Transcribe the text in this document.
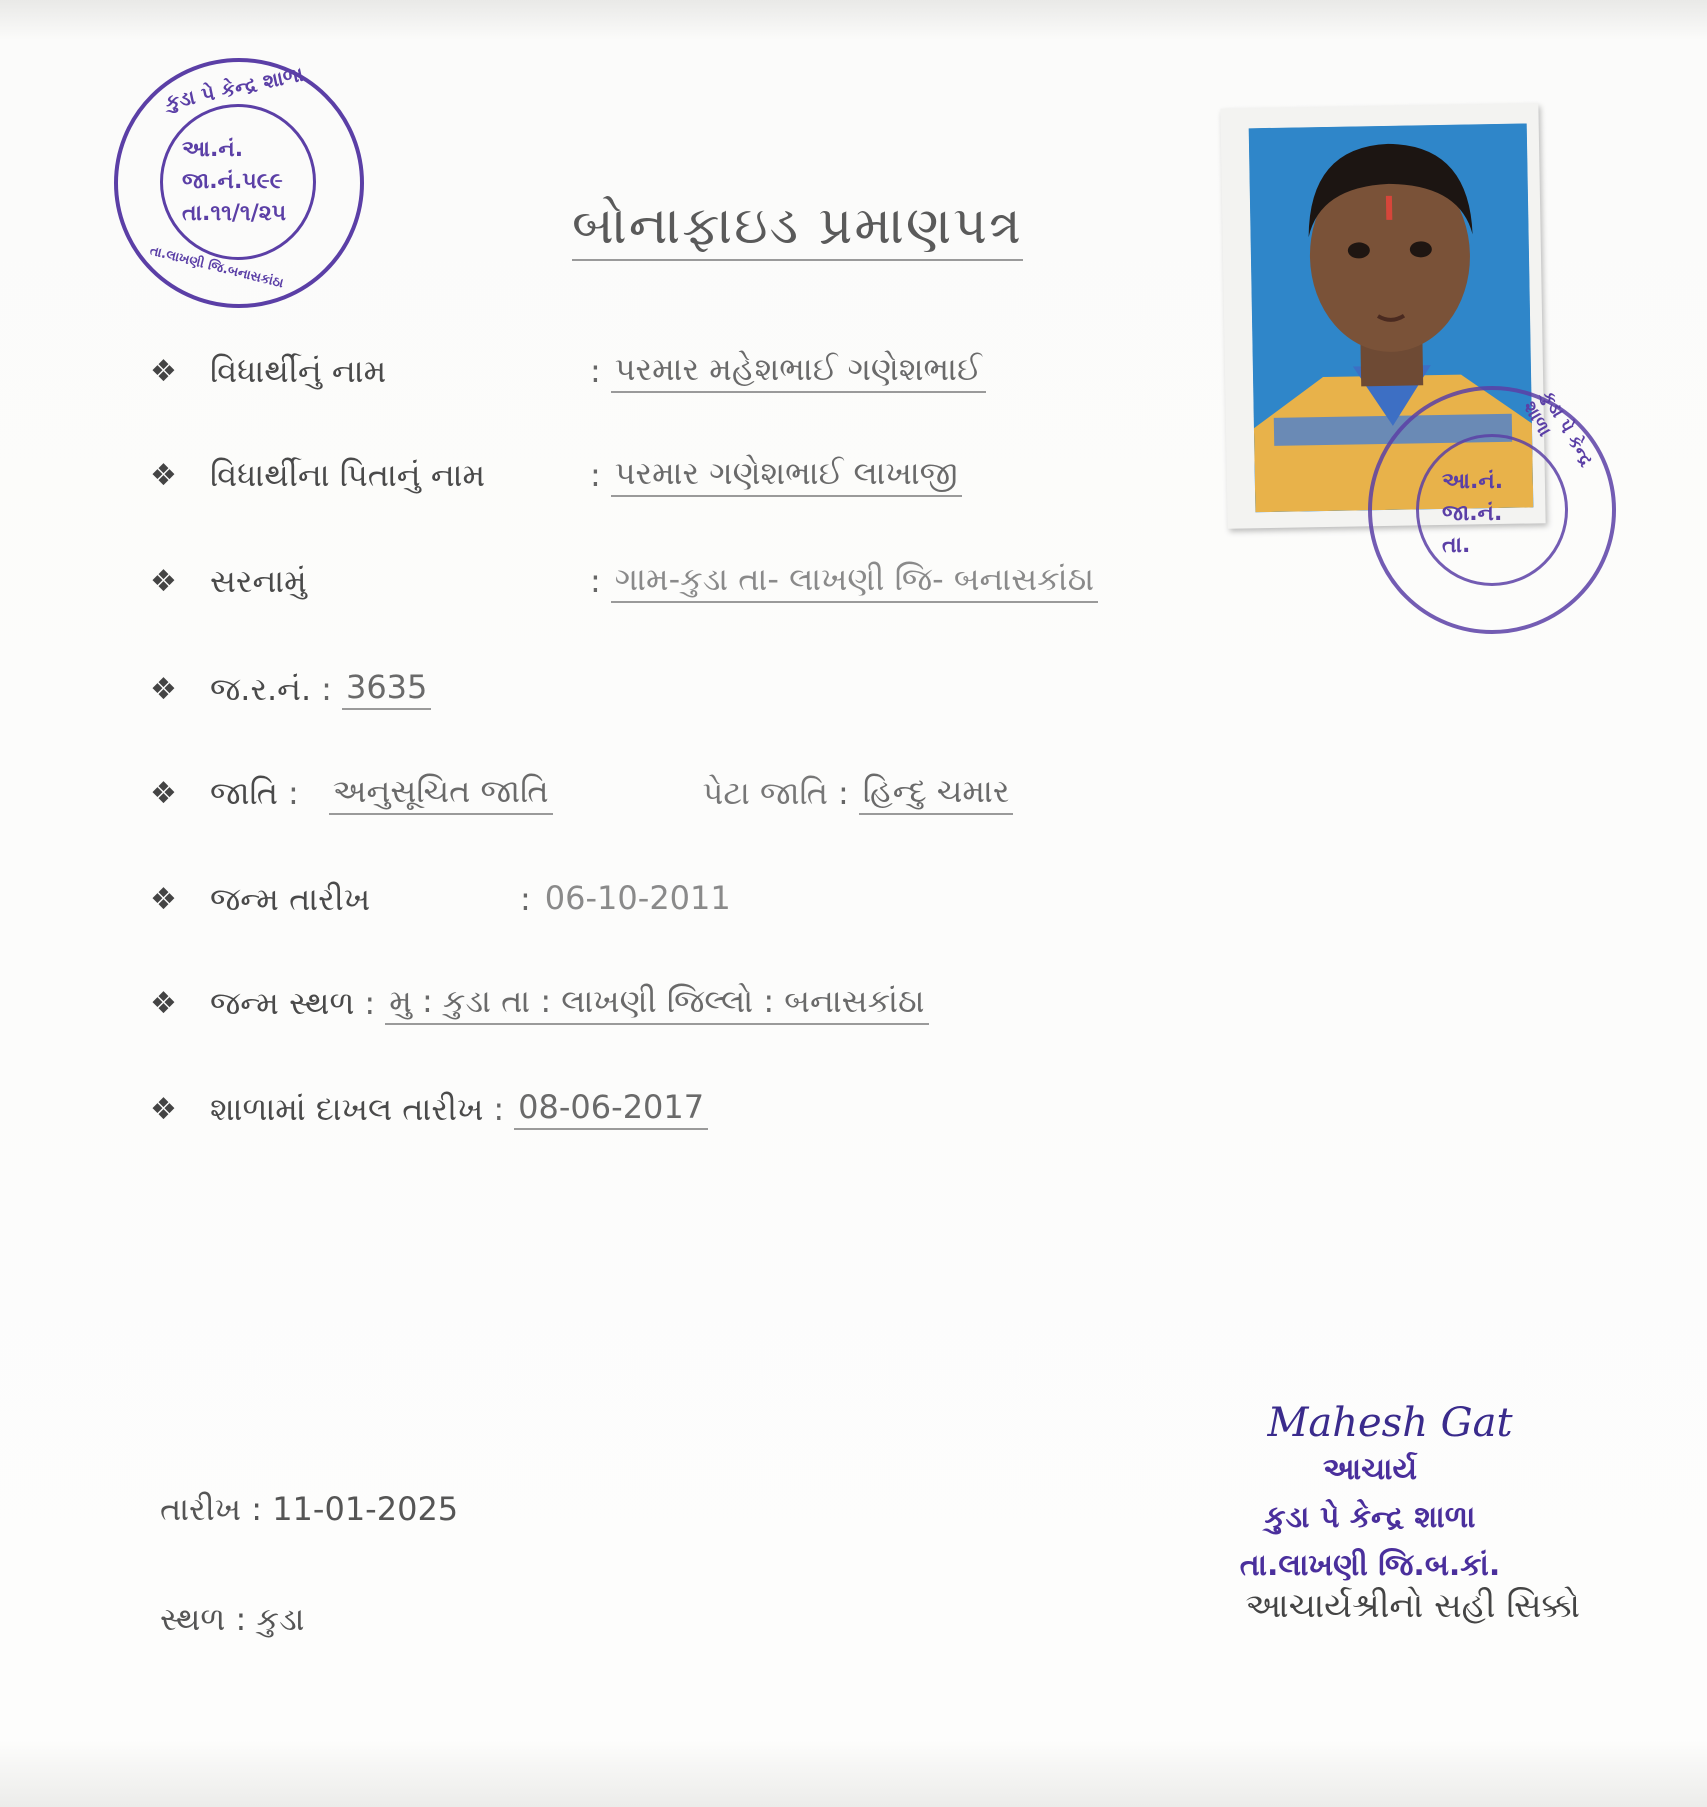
કુડા પે કેન્દ્ર શાળા
તા.લાખણી જિ.બનાસકાંઠા
આ.નં.
જા.નં.૫૯૯
તા.૧૧/૧/૨૫	બોનાફાઇડ પ્રમાણપત્ર
કુડા પે કેન્દ્ર શાળા
આ.નં.
જા.નં.
તા.
❖	વિધાર્થીનું નામ	: પરમાર મહેશભાઈ ગણેશભાઈ
❖	વિધાર્થીના પિતાનું નામ	: પરમાર ગણેશભાઈ લાખાજી
❖	સરનામું	: ગામ-કુડા તા- લાખણી જિ- બનાસકાંઠા
❖	જ.ર.નં. : 3635
❖	જાતિ : અનુસૂચિત જાતિ	પેટા જાતિ : હિન્દુ ચમાર
❖	જન્મ તારીખ	: 06-10-2011
❖	જન્મ સ્થળ : મુ : કુડા તા : લાખણી જિલ્લો : બનાસકાંઠા
❖	શાળામાં દાખલ તારીખ : 08-06-2017
Mahesh Gat
આચાર્ય
કુડા પે કેન્દ્ર શાળા
તા.લાખણી જિ.બ.કાં.
આચાર્યશ્રીનો સહી સિક્કો
તારીખ : 11-01-2025
સ્થળ : કુડા
